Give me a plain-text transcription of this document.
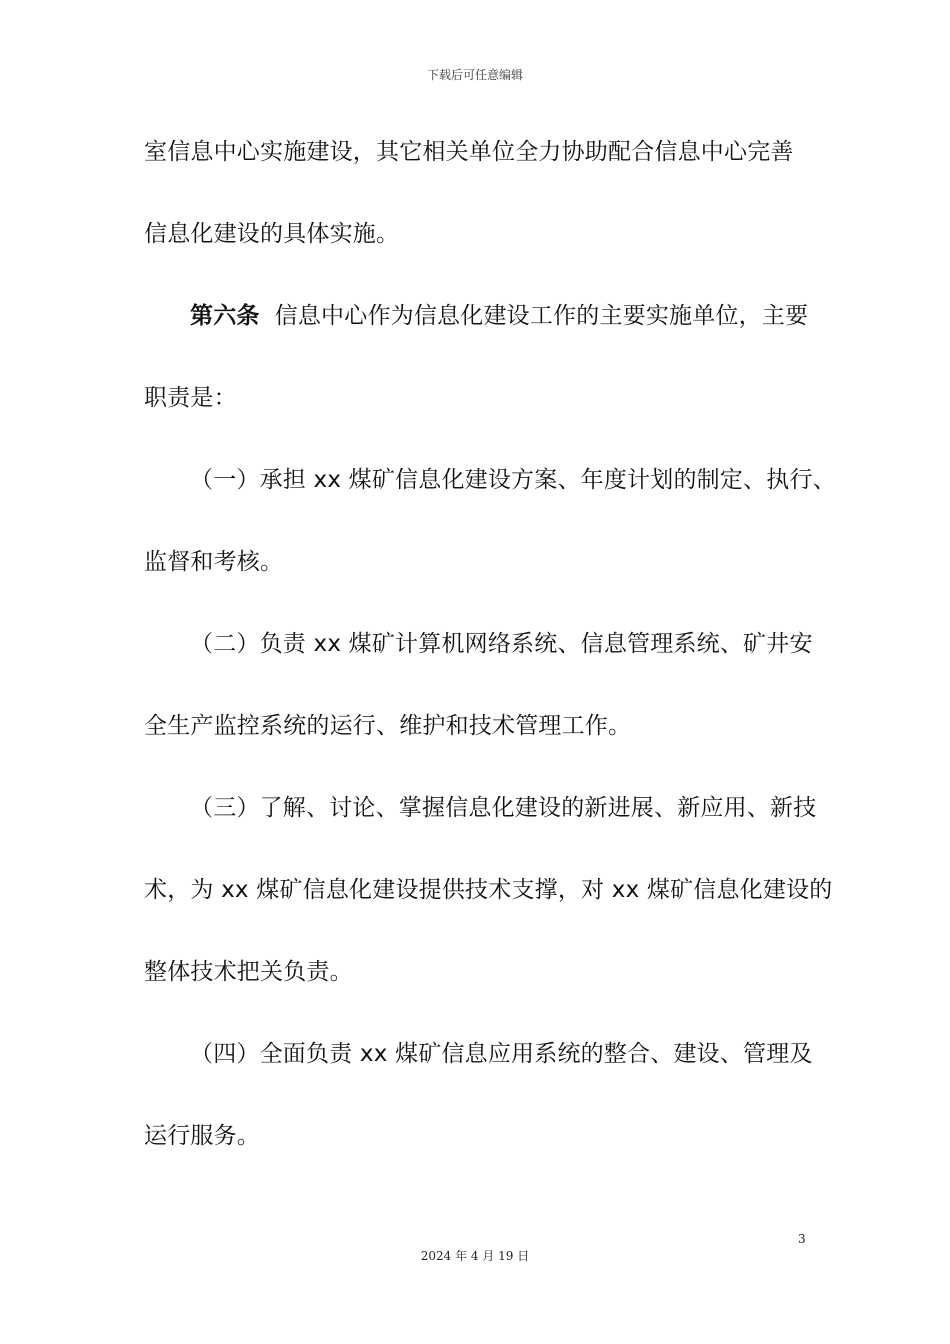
下载后可任意编辑
室信息中心实施建设，其它相关单位全力协助配合信息中心完善
信息化建设的具体实施。
第六条 信息中心作为信息化建设工作的主要实施单位，主要
职责是：
（一）承担 xx 煤矿信息化建设方案、年度计划的制定、执行、
监督和考核。
（二）负责 xx 煤矿计算机网络系统、信息管理系统、矿井安
全生产监控系统的运行、维护和技术管理工作。
（三）了解、讨论、掌握信息化建设的新进展、新应用、新技
术，为 xx 煤矿信息化建设提供技术支撑，对 xx 煤矿信息化建设的
整体技术把关负责。
（四）全面负责 xx 煤矿信息应用系统的整合、建设、管理及
运行服务。
3
2024 年 4 月 19 日
